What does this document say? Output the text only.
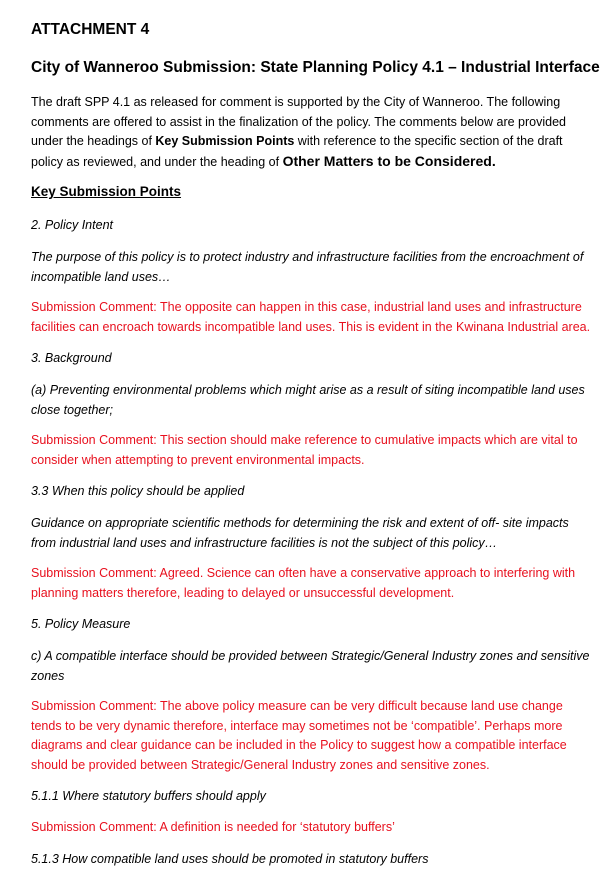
ATTACHMENT 4
City of Wanneroo Submission: State Planning Policy 4.1 – Industrial Interface

The draft SPP 4.1 as released for comment is supported by the City of Wanneroo. The following comments are offered to assist in the finalization of the policy. The comments below are provided under the headings of Key Submission Points with reference to the specific section of the draft policy as reviewed, and under the heading of Other Matters to be Considered.

Key Submission Points

2. Policy Intent

The purpose of this policy is to protect industry and infrastructure facilities from the encroachment of incompatible land uses…

Submission Comment: The opposite can happen in this case, industrial land uses and infrastructure facilities can encroach towards incompatible land uses. This is evident in the Kwinana Industrial area.

3. Background

(a) Preventing environmental problems which might arise as a result of siting incompatible land uses close together;

Submission Comment: This section should make reference to cumulative impacts which are vital to consider when attempting to prevent environmental impacts.

3.3 When this policy should be applied

Guidance on appropriate scientific methods for determining the risk and extent of off- site impacts from industrial land uses and infrastructure facilities is not the subject of this policy…

Submission Comment: Agreed. Science can often have a conservative approach to interfering with planning matters therefore, leading to delayed or unsuccessful development.

5. Policy Measure

c) A compatible interface should be provided between Strategic/General Industry zones and sensitive zones

Submission Comment: The above policy measure can be very difficult because land use change tends to be very dynamic therefore, interface may sometimes not be ‘compatible’. Perhaps more diagrams and clear guidance can be included in the Policy to suggest how a compatible interface should be provided between Strategic/General Industry zones and sensitive zones.

5.1.1 Where statutory buffers should apply

Submission Comment: A definition is needed for ‘statutory buffers’

5.1.3 How compatible land uses should be promoted in statutory buffers
